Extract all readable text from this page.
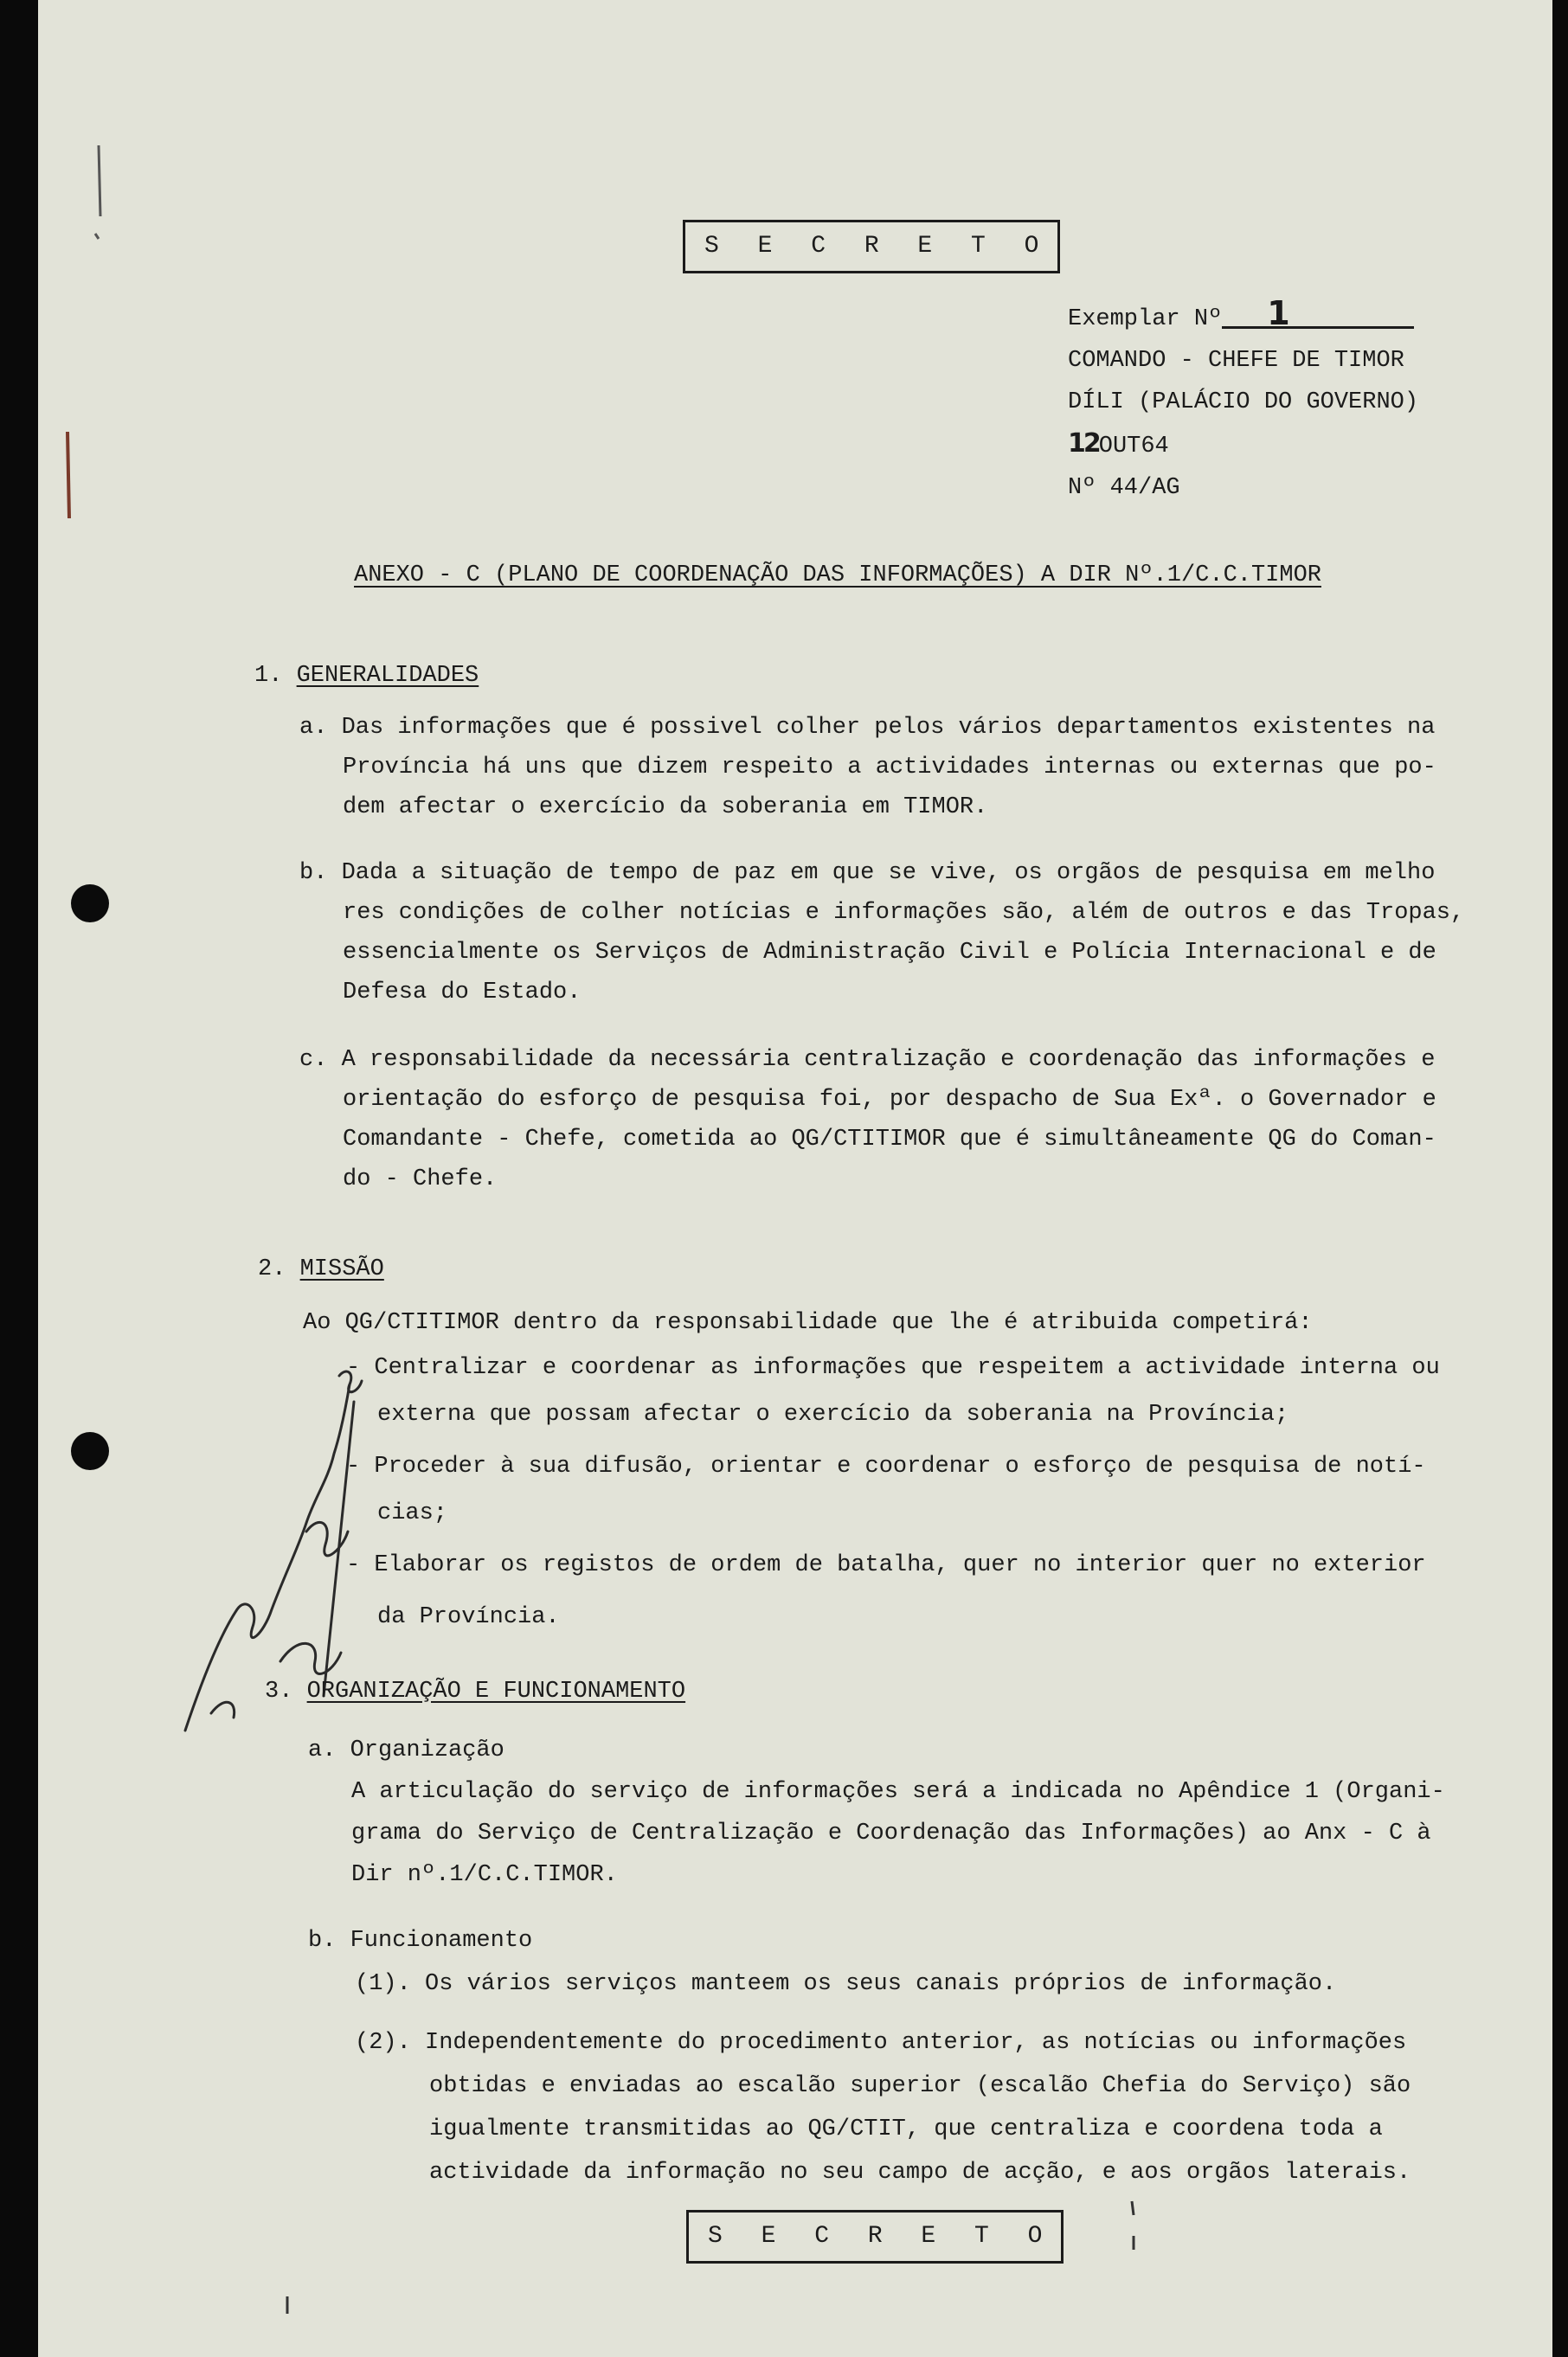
S E C R E T O
Exemplar Nº 1
COMANDO - CHEFE DE TIMOR
DÍLI (PALÁCIO DO GOVERNO)
12OUT64
Nº 44/AG
ANEXO - C (PLANO DE COORDENAÇÃO DAS INFORMAÇÕES) A DIR Nº.1/C.C.TIMOR
1. GENERALIDADES
a. Das informações que é possivel colher pelos vários departamentos existentes na
Província há uns que dizem respeito a actividades internas ou externas que po-
dem afectar o exercício da soberania em TIMOR.
b. Dada a situação de tempo de paz em que se vive, os orgãos de pesquisa em melho
res condições de colher notícias e informações são, além de outros e das Tropas,
essencialmente os Serviços de Administração Civil e Polícia Internacional e de
Defesa do Estado.
c. A responsabilidade da necessária centralização e coordenação das informações e
orientação do esforço de pesquisa foi, por despacho de Sua Exª. o Governador e
Comandante - Chefe, cometida ao QG/CTITIMOR que é simultâneamente QG do Coman-
do - Chefe.
2. MISSÃO
Ao QG/CTITIMOR dentro da responsabilidade que lhe é atribuida competirá:
- Centralizar e coordenar as informações que respeitem a actividade interna ou
externa que possam afectar o exercício da soberania na Província;
- Proceder à sua difusão, orientar e coordenar o esforço de pesquisa de notí-
cias;
- Elaborar os registos de ordem de batalha, quer no interior quer no exterior
da Província.
3. ORGANIZAÇÃO E FUNCIONAMENTO
a. Organização
A articulação do serviço de informações será a indicada no Apêndice 1 (Organi-
grama do Serviço de Centralização e Coordenação das Informações) ao Anx - C à
Dir nº.1/C.C.TIMOR.
b. Funcionamento
(1). Os vários serviços manteem os seus canais próprios de informação.
(2). Independentemente do procedimento anterior, as notícias ou informações
obtidas e enviadas ao escalão superior (escalão Chefia do Serviço) são
igualmente transmitidas ao QG/CTIT, que centraliza e coordena toda a
actividade da informação no seu campo de acção, e aos orgãos laterais.
S E C R E T O
